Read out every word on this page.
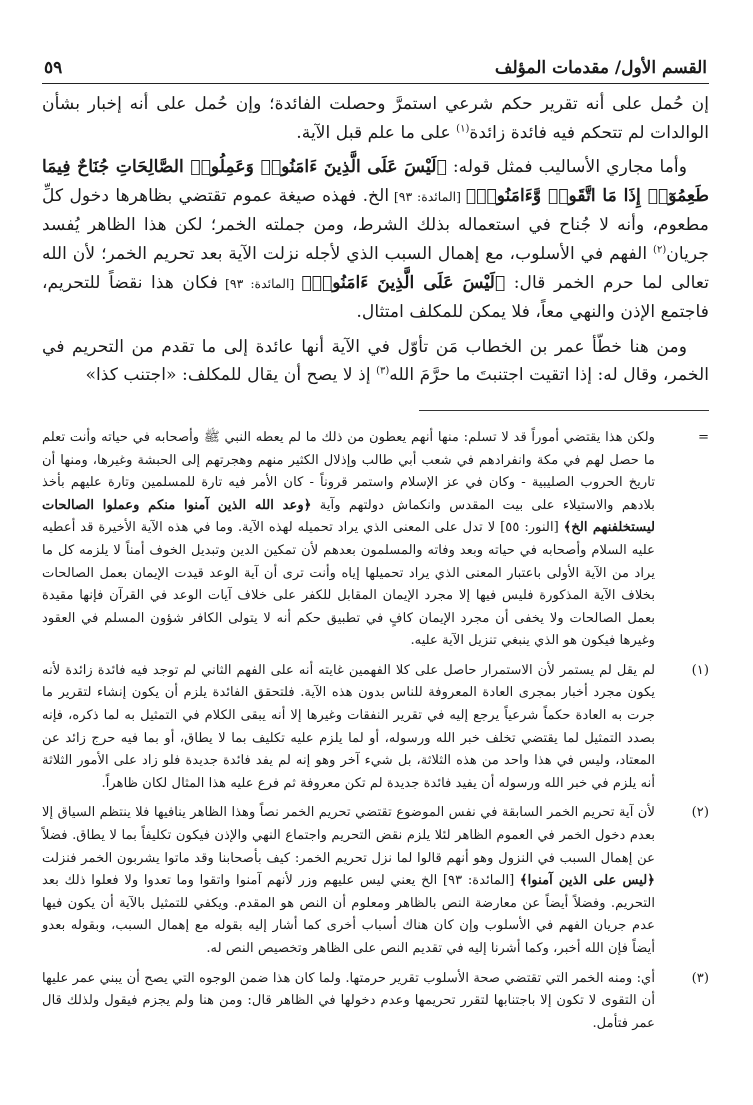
القسم الأول/ مقدمات المؤلف
٥٩

إن حُمل على أنه تقرير حكم شرعي استمرَّ وحصلت الفائدة؛ وإن حُمل على أنه إخبار بشأن الوالدات لم تتحكم فيه فائدة زائدة$^{(١)}$ على ما علم قبل الآية.

وأما مجاري الأساليب فمثل قوله: ﴿لَيْسَ عَلَى الَّذِينَ ءَامَنُوا۟ وَعَمِلُوا۟ الصَّالِحَاتِ جُنَاحٌ فِيمَا طَعِمُوٓا۟ إِذَا مَا اتَّقَوا۟ وَّءَامَنُوا۟﴾ [المائدة: ٩٣] الخ. فهذه صيغة عموم تقتضي بظاهرها دخول كلِّ مطعوم، وأنه لا جُناح في استعماله بذلك الشرط، ومن جملته الخمر؛ لكن هذا الظاهر يُفسد جريان$^{(٢)}$ الفهم في الأسلوب، مع إهمال السبب الذي لأجله نزلت الآية بعد تحريم الخمر؛ لأن الله تعالى لما حرم الخمر قال: ﴿لَيْسَ عَلَى الَّذِينَ ءَامَنُوا۟﴾ [المائدة: ٩٣] فكان هذا نقضاً للتحريم، فاجتمع الإذن والنهي معاً، فلا يمكن للمكلف امتثال.

ومن هنا خطّأ عمر بن الخطاب مَن تأوّل في الآية أنها عائدة إلى ما تقدم من التحريم في الخمر، وقال له: إذا اتقيت اجتنبتَ ما حرَّمَ الله$^{(٣)}$ إذ لا يصح أن يقال للمكلف: «اجتنب كذا»

=
ولكن هذا يقتضي أموراً قد لا تسلم: منها أنهم يعطون من ذلك ما لم يعطه النبي ﷺ وأصحابه في حياته وأنت تعلم ما حصل لهم في مكة وانفرادهم في شعب أبي طالب وإذلال الكثير منهم وهجرتهم إلى الحبشة وغيرها، ومنها أن تاريخ الحروب الصليبية - وكان في عز الإسلام واستمر قروناً - كان الأمر فيه تارة للمسلمين وتارة عليهم بأخذ بلادهم والاستيلاء على بيت المقدس وانكماش دولتهم وآية ﴿وعد الله الذين آمنوا منكم وعملوا الصالحات ليستخلفنهم الخ﴾ [النور: ٥٥] لا تدل على المعنى الذي يراد تحميله لهذه الآية. وما في هذه الآية الأخيرة قد أعطيه عليه السلام وأصحابه في حياته وبعد وفاته والمسلمون بعدهم لأن تمكين الدين وتبديل الخوف أمناً لا يلزمه كل ما يراد من الآية الأولى باعتبار المعنى الذي يراد تحميلها إياه وأنت ترى أن آية الوعد قيدت الإيمان بعمل الصالحات بخلاف الآية المذكورة فليس فيها إلا مجرد الإيمان المقابل للكفر على خلاف آيات الوعد في القرآن فإنها مقيدة بعمل الصالحات ولا يخفى أن مجرد الإيمان كافٍ في تطبيق حكم أنه لا يتولى الكافر شؤون المسلم في العقود وغيرها فيكون هو الذي ينبغي تنزيل الآية عليه.
(١)
لم يقل لم يستمر لأن الاستمرار حاصل على كلا الفهمين غايته أنه على الفهم الثاني لم توجد فيه فائدة زائدة لأنه يكون مجرد أخبار بمجرى العادة المعروفة للناس بدون هذه الآية. فلتحقق الفائدة يلزم أن يكون إنشاء لتقرير ما جرت به العادة حكماً شرعياً يرجع إليه في تقرير النفقات وغيرها إلا أنه يبقى الكلام في التمثيل به لما ذكره، فإنه بصدد التمثيل لما يقتضي تخلف خبر الله ورسوله، أو لما يلزم عليه تكليف بما لا يطاق، أو بما فيه حرج زائد عن المعتاد، وليس في هذا واحد من هذه الثلاثة، بل شيء آخر وهو إنه لم يفد فائدة جديدة فلو زاد على الأمور الثلاثة أنه يلزم في خبر الله ورسوله أن يفيد فائدة جديدة لم تكن معروفة ثم فرع عليه هذا المثال لكان ظاهراً.
(٢)
لأن آية تحريم الخمر السابقة في نفس الموضوع تقتضي تحريم الخمر نصاً وهذا الظاهر ينافيها فلا ينتظم السياق إلا بعدم دخول الخمر في العموم الظاهر لئلا يلزم نقض التحريم واجتماع النهي والإذن فيكون تكليفاً بما لا يطاق. فضلاً عن إهمال السبب في النزول وهو أنهم قالوا لما نزل تحريم الخمر: كيف بأصحابنا وقد ماتوا يشربون الخمر فنزلت ﴿ليس على الذين آمنوا﴾ [المائدة: ٩٣] الخ يعني ليس عليهم وزر لأنهم آمنوا واتقوا وما تعدوا ولا فعلوا ذلك بعد التحريم. وفضلاً أيضاً عن معارضة النص بالظاهر ومعلوم أن النص هو المقدم. ويكفي للتمثيل بالآية أن يكون فيها عدم جريان الفهم في الأسلوب وإن كان هناك أسباب أخرى كما أشار إليه بقوله مع إهمال السبب، وبقوله بعدو أيضاً فإن الله أخبر، وكما أشرنا إليه في تقديم النص على الظاهر وتخصيص النص له.
(٣)
أي: ومنه الخمر التي تقتضي صحة الأسلوب تقرير حرمتها. ولما كان هذا ضمن الوجوه التي يصح أن يبني عمر عليها أن التقوى لا تكون إلا باجتنابها لتقرر تحريمها وعدم دخولها في الظاهر قال: ومن هنا ولم يجزم فيقول ولذلك قال عمر فتأمل.
